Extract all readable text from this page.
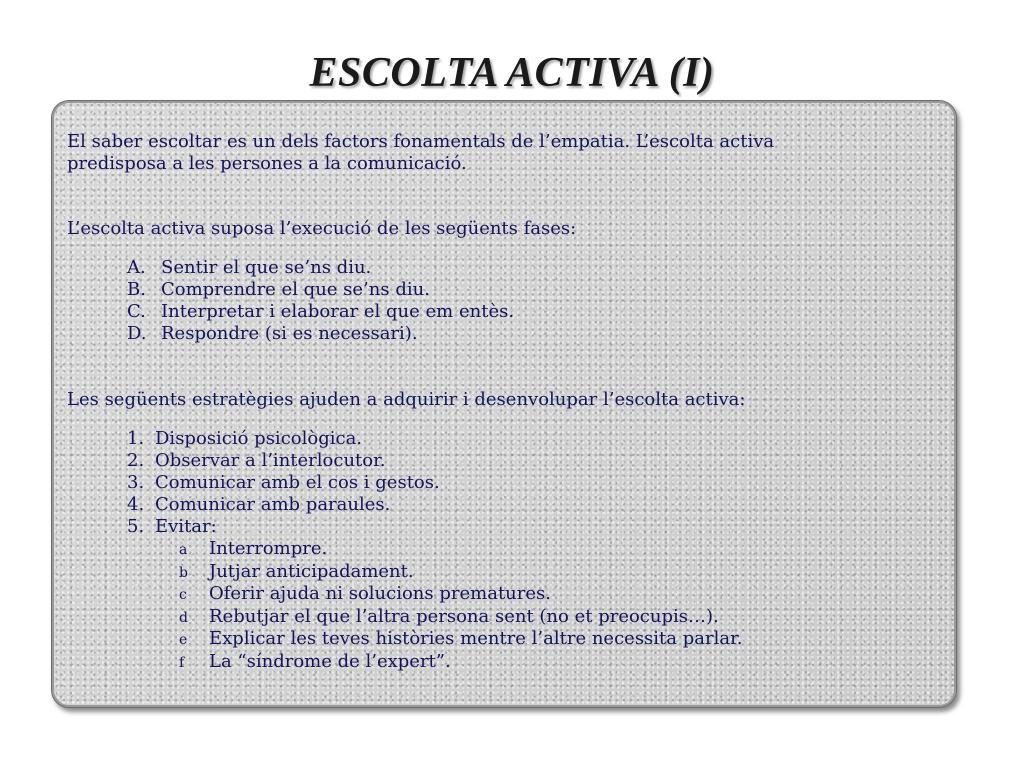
ESCOLTA ACTIVA (I)

El saber escoltar es un dels factors fonamentals de l’empatia. L’escolta activa

predisposa a les persones a la comunicació.

L’escolta activa suposa l’execució de les següents fases:

A. Sentir el que se’ns diu.
B. Comprendre el que se’ns diu.
C. Interpretar i elaborar el que em entès.
D. Respondre (si es necessari).

Les següents estratègies ajuden a adquirir i desenvolupar l’escolta activa:

1. Disposició psicològica.
2. Observar a l’interlocutor.
3. Comunicar amb el cos i gestos.
4. Comunicar amb paraules.
5. Evitar:
a	Interrompre.
b	Jutjar anticipadament.
c	Oferir ajuda ni solucions prematures.
d	Rebutjar el que l’altra persona sent (no et preocupis…).
e	Explicar les teves històries mentre l’altre necessita parlar.
f	La “síndrome de l’expert”.
